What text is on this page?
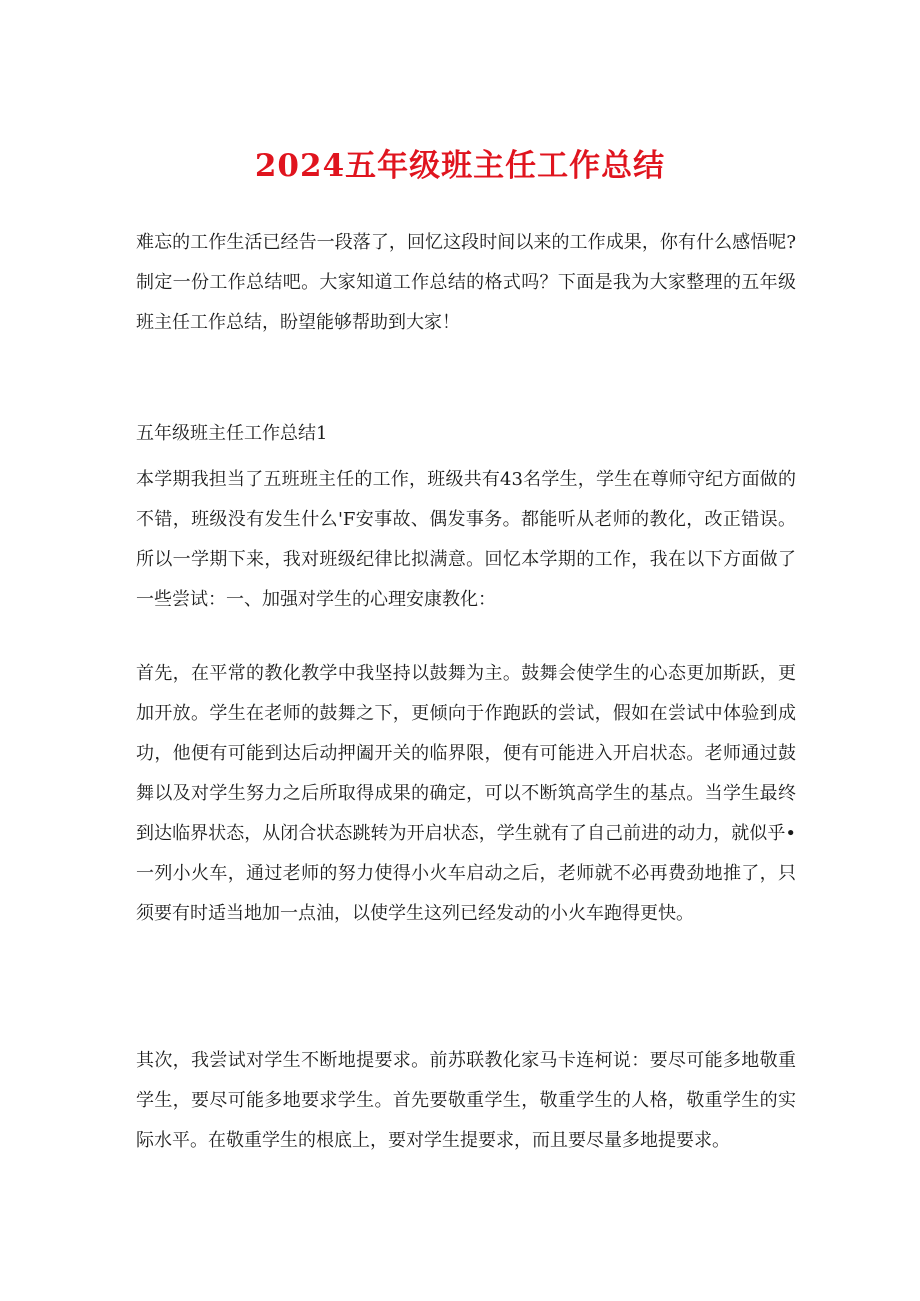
2024五年级班主任工作总结

难忘的工作生活已经告一段落了，回忆这段时间以来的工作成果，你有什么感悟呢?制定一份工作总结吧。大家知道工作总结的格式吗？下面是我为大家整理的五年级班主任工作总结，盼望能够帮助到大家！

五年级班主任工作总结1

本学期我担当了五班班主任的工作，班级共有43名学生，学生在尊师守纪方面做的不错，班级没有发生什么'F安事故、偶发事务。都能听从老师的教化，改正错误。所以一学期下来，我对班级纪律比拟满意。回忆本学期的工作，我在以下方面做了一些尝试：一、加强对学生的心理安康教化：

首先，在平常的教化教学中我坚持以鼓舞为主。鼓舞会使学生的心态更加斯跃，更加开放。学生在老师的鼓舞之下，更倾向于作跑跃的尝试，假如在尝试中体验到成功，他便有可能到达后动押阖开关的临界限，便有可能进入开启状态。老师通过鼓舞以及对学生努力之后所取得成果的确定，可以不断筑高学生的基点。当学生最终到达临界状态，从闭合状态跳转为开启状态，学生就有了自己前进的动力，就似乎•一列小火车，通过老师的努力使得小火车启动之后，老师就不必再费劲地推了，只须要有时适当地加一点油，以使学生这列已经发动的小火车跑得更快。

其次，我尝试对学生不断地提要求。前苏联教化家马卡连柯说：要尽可能多地敬重学生，要尽可能多地要求学生。首先要敬重学生，敬重学生的人格，敬重学生的实际水平。在敬重学生的根底上，要对学生提要求，而且要尽量多地提要求。
